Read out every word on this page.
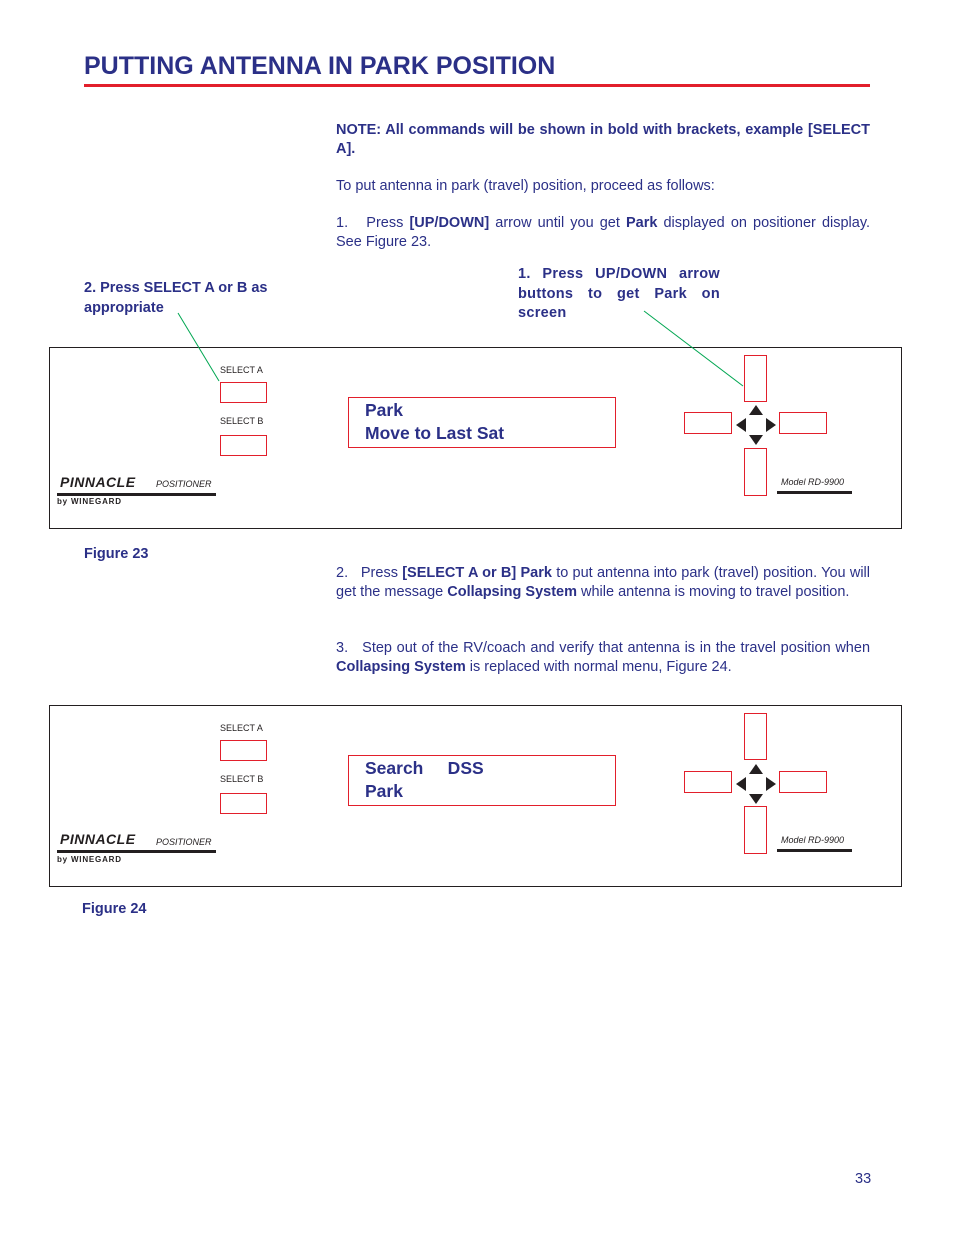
PUTTING ANTENNA IN PARK POSITION
NOTE: All commands will be shown in bold with brackets, example [SELECT A].
To put antenna in park (travel) position, proceed as follows:
1. Press [UP/DOWN] arrow until you get Park displayed on positioner display. See Figure 23.
2. Press SELECT A or B as appropriate
1. Press UP/DOWN arrow buttons to get Park on screen
SELECT A
SELECT B
Park
Move to Last Sat
PINNACLE POSITIONER
by WINEGARD
Model RD-9900
Figure 23
2. Press [SELECT A or B] Park to put antenna into park (travel) position. You will get the message Collapsing System while antenna is moving to travel position.
3. Step out of the RV/coach and verify that antenna is in the travel position when Collapsing System is replaced with normal menu, Figure 24.
SELECT A
SELECT B
Search     DSS
Park
PINNACLE POSITIONER
by WINEGARD
Model RD-9900
Figure 24
33
